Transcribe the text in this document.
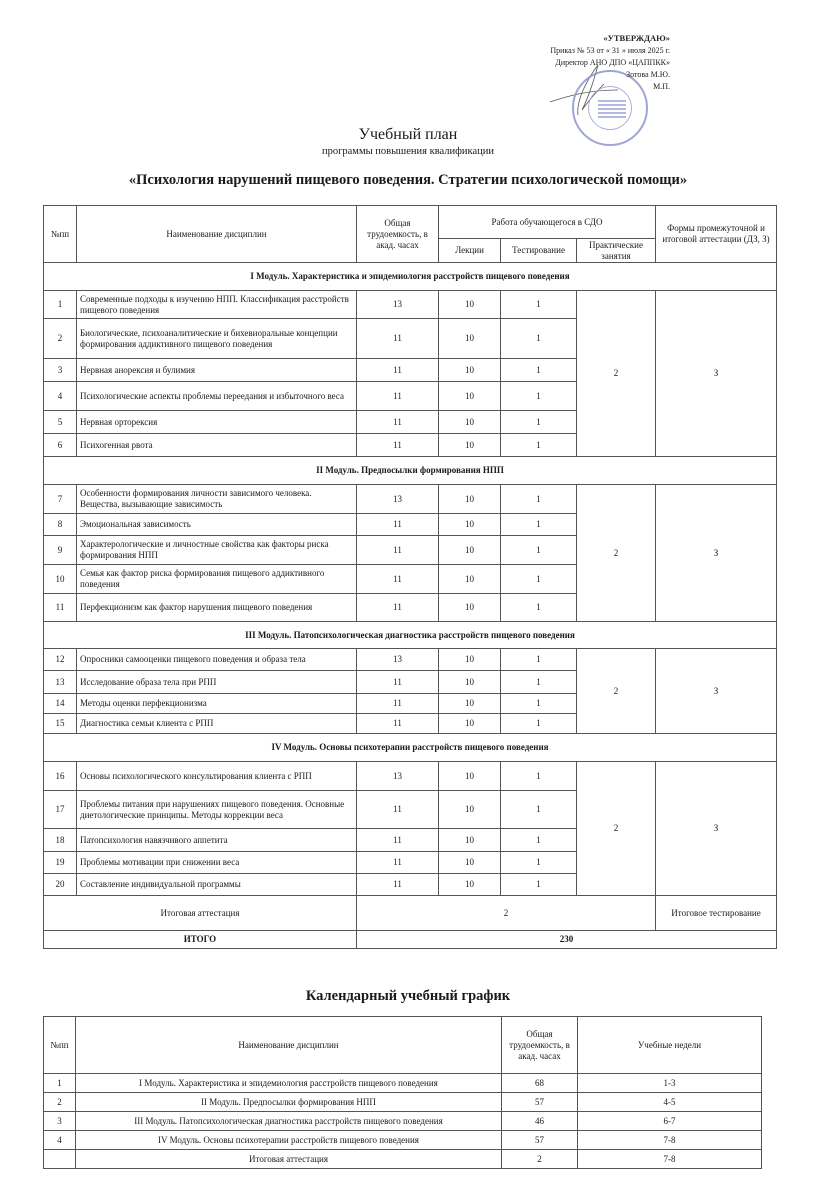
«УТВЕРЖДАЮ»
Приказ № 53 от « 31 » июля 2025 г.
Директор АНО ДПО «ЦАППКК»
Зотова М.Ю.
М.П.
Учебный план
программы повышения квалификации
«Психология нарушений пищевого поведения. Стратегии психологической помощи»
№пп	Наименование дисциплин	Общая трудоемкость, в акад. часах	Работа обучающегося в СДО			Формы промежуточной и итоговой аттестации (ДЗ, З)
			Лекции	Тестирование	Практические занятия	
I Модуль. Характеристика и эпидемиология расстройств пищевого поведения						
1	Современные подходы к изучению НПП. Классификация расстройств пищевого поведения	13	10	1	2	З
2	Биологические, психоаналитические и бихевиоральные концепции формирования аддиктивного пищевого поведения	11	10	1		
3	Нервная анорексия и булимия	11	10	1		
4	Психологические аспекты проблемы переедания и избыточного веса	11	10	1		
5	Нервная орторексия	11	10	1		
6	Психогенная рвота	11	10	1		
II Модуль. Предпосылки формирования НПП						
7	Особенности формирования личности зависимого человека. Вещества, вызывающие зависимость	13	10	1	2	З
8	Эмоциональная зависимость	11	10	1		
9	Характерологические и личностные свойства как факторы риска формирования НПП	11	10	1		
10	Семья как фактор риска формирования пищевого аддиктивного поведения	11	10	1		
11	Перфекционизм как фактор нарушения пищевого поведения	11	10	1		
III Модуль. Патопсихологическая диагностика расстройств пищевого поведения						
12	Опросники самооценки пищевого поведения и образа тела	13	10	1	2	З
13	Исследование образа тела при РПП	11	10	1		
14	Методы оценки перфекционизма	11	10	1		
15	Диагностика семьи клиента с РПП	11	10	1		
IV Модуль. Основы психотерапии расстройств пищевого поведения						
16	Основы психологического консультирования клиента с РПП	13	10	1	2	З
17	Проблемы питания при нарушениях пищевого поведения. Основные диетологические принципы. Методы коррекции веса	11	10	1		
18	Патопсихология навязчивого аппетита	11	10	1		
19	Проблемы мотивации при снижении веса	11	10	1		
20	Составление индивидуальной программы	11	10	1		
Итоговая аттестация		2				Итоговое тестирование
ИТОГО		230				
Календарный учебный график
№пп	Наименование дисциплин	Общая трудоемкость, в акад. часах	Учебные недели
1	I Модуль. Характеристика и эпидемиология расстройств пищевого поведения	68	1-3
2	II Модуль. Предпосылки формирования НПП	57	4-5
3	III Модуль. Патопсихологическая диагностика расстройств пищевого поведения	46	6-7
4	IV Модуль. Основы психотерапии расстройств пищевого поведения	57	7-8
	Итоговая аттестация	2	7-8
